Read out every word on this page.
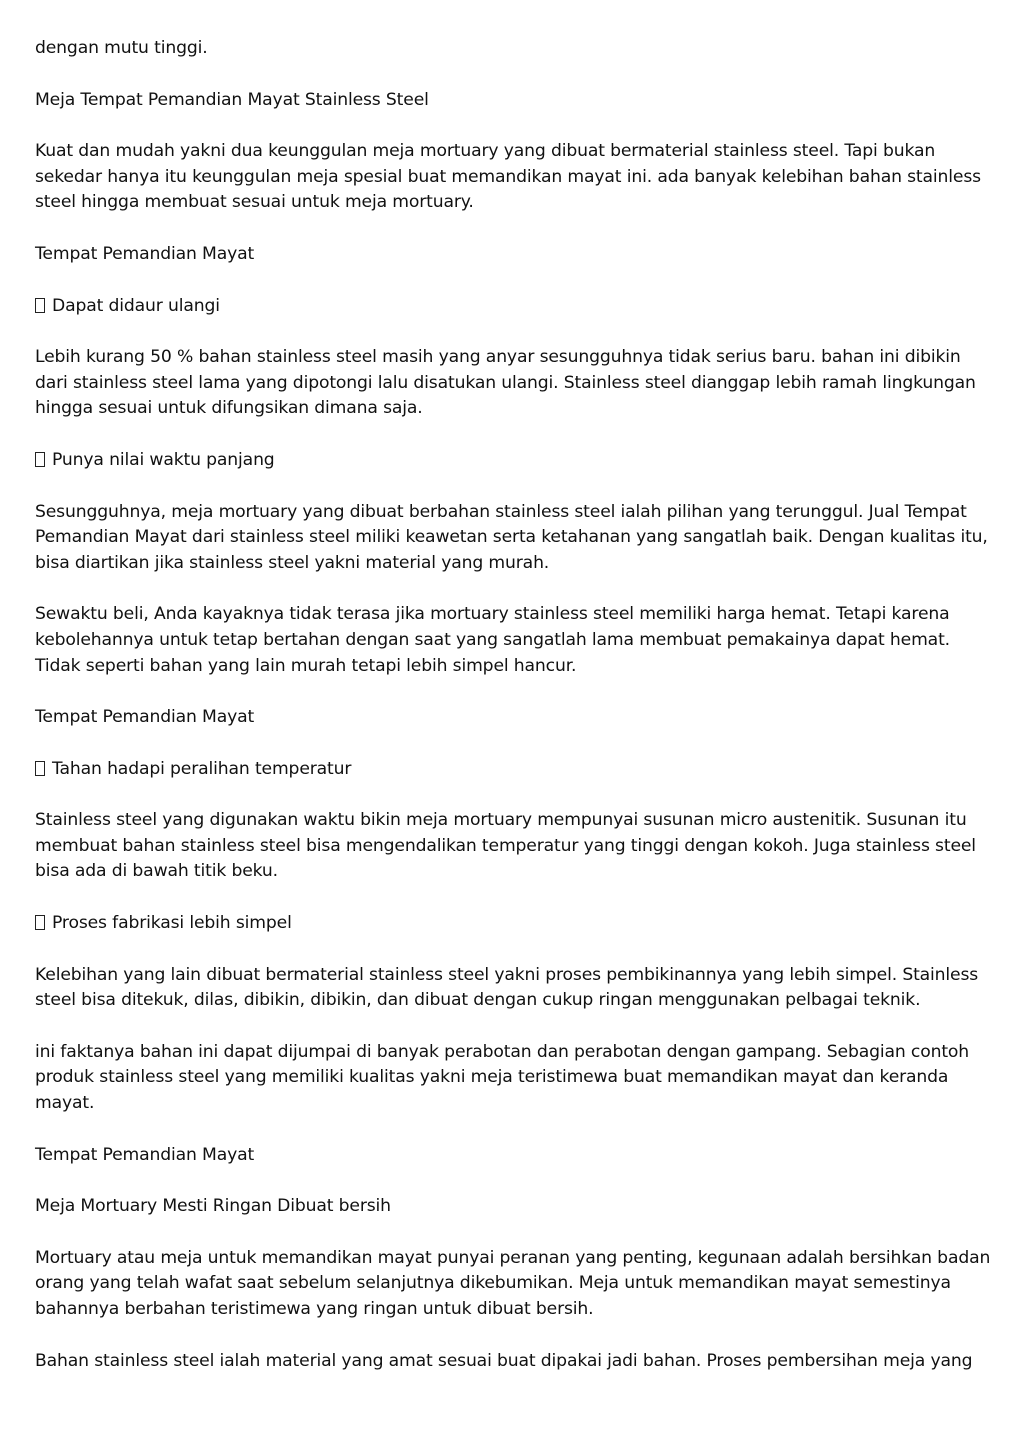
dengan mutu tinggi.

Meja Tempat Pemandian Mayat Stainless Steel

Kuat dan mudah yakni dua keunggulan meja mortuary yang dibuat bermaterial stainless steel. Tapi bukan sekedar hanya itu keunggulan meja spesial buat memandikan mayat ini. ada banyak kelebihan bahan stainless steel hingga membuat sesuai untuk meja mortuary.

Tempat Pemandian Mayat

Dapat didaur ulangi

Lebih kurang 50 % bahan stainless steel masih yang anyar sesungguhnya tidak serius baru. bahan ini dibikin dari stainless steel lama yang dipotongi lalu disatukan ulangi. Stainless steel dianggap lebih ramah lingkungan hingga sesuai untuk difungsikan dimana saja.

Punya nilai waktu panjang

Sesungguhnya, meja mortuary yang dibuat berbahan stainless steel ialah pilihan yang terunggul. Jual Tempat Pemandian Mayat dari stainless steel miliki keawetan serta ketahanan yang sangatlah baik. Dengan kualitas itu, bisa diartikan jika stainless steel yakni material yang murah.

Sewaktu beli, Anda kayaknya tidak terasa jika mortuary stainless steel memiliki harga hemat. Tetapi karena kebolehannya untuk tetap bertahan dengan saat yang sangatlah lama membuat pemakainya dapat hemat. Tidak seperti bahan yang lain murah tetapi lebih simpel hancur.

Tempat Pemandian Mayat

Tahan hadapi peralihan temperatur

Stainless steel yang digunakan waktu bikin meja mortuary mempunyai susunan micro austenitik. Susunan itu membuat bahan stainless steel bisa mengendalikan temperatur yang tinggi dengan kokoh. Juga stainless steel bisa ada di bawah titik beku.

Proses fabrikasi lebih simpel

Kelebihan yang lain dibuat bermaterial stainless steel yakni proses pembikinannya yang lebih simpel. Stainless steel bisa ditekuk, dilas, dibikin, dibikin, dan dibuat dengan cukup ringan menggunakan pelbagai teknik.

ini faktanya bahan ini dapat dijumpai di banyak perabotan dan perabotan dengan gampang. Sebagian contoh produk stainless steel yang memiliki kualitas yakni meja teristimewa buat memandikan mayat dan keranda mayat.

Tempat Pemandian Mayat

Meja Mortuary Mesti Ringan Dibuat bersih

Mortuary atau meja untuk memandikan mayat punyai peranan yang penting, kegunaan adalah bersihkan badan orang yang telah wafat saat sebelum selanjutnya dikebumikan. Meja untuk memandikan mayat semestinya bahannya berbahan teristimewa yang ringan untuk dibuat bersih.

Bahan stainless steel ialah material yang amat sesuai buat dipakai jadi bahan. Proses pembersihan meja yang
